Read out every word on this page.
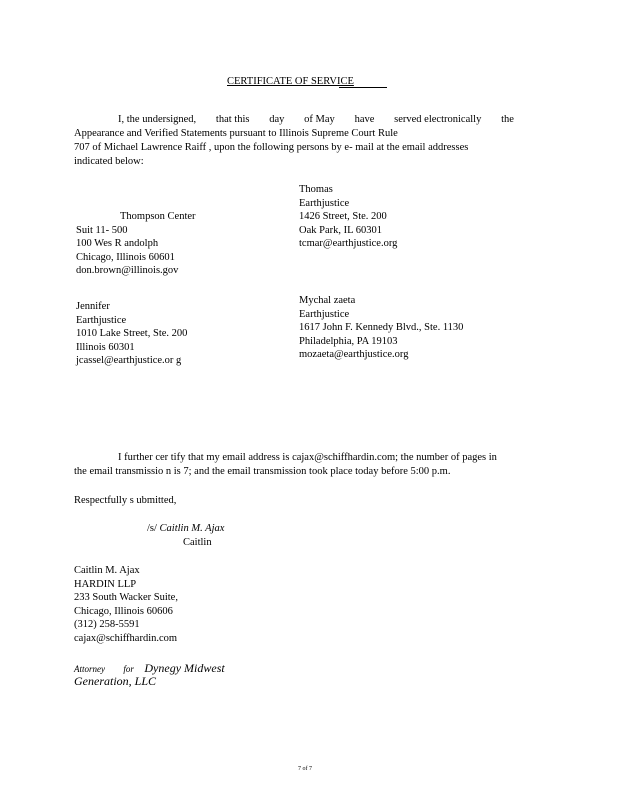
CERTIFICATE OF SERVICE
I, the undersigned, that this day of May have served electronically the
Appearance and Verified Statements pursuant to Illinois Supreme Court Rule
707 of Michael Lawrence Raiff , upon the following persons by e- mail at the email addresses
indicated below:
Thompson Center
Suit 11- 500
100 Wes R andolph
Chicago, Illinois 60601
don.brown@illinois.gov
Thomas
Earthjustice
1426 Street, Ste. 200
Oak Park, IL 60301
tcmar@earthjustice.org
Jennifer
Earthjustice
1010 Lake Street, Ste. 200
Illinois 60301
jcassel@earthjustice.or g
Mychal zaeta
Earthjustice
1617 John F. Kennedy Blvd., Ste. 1130
Philadelphia, PA 19103
mozaeta@earthjustice.org
I further cer tify that my email address is cajax@schiffhardin.com; the number of pages in
the email transmissio n is 7; and the email transmission took place today before 5:00 p.m.
Respectfully s ubmitted,
/s/ Caitlin M. Ajax
Caitlin
Caitlin M. Ajax
HARDIN LLP
233 South Wacker Suite,
Chicago, Illinois 60606
(312) 258-5591
cajax@schiffhardin.com
Attorney for Dynegy Midwest
Generation, LLC
7 of 7
